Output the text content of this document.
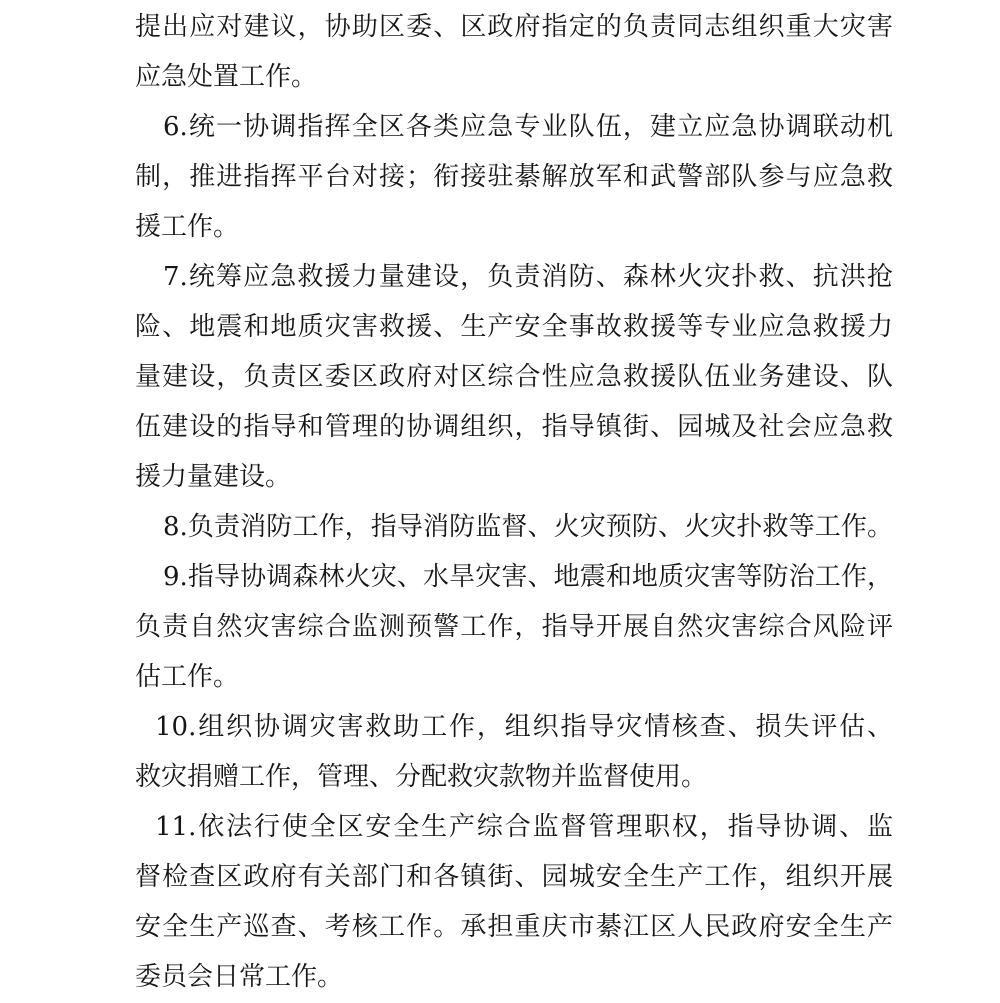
提出应对建议，协助区委、区政府指定的负责同志组织重大灾害
应急处置工作。
6.统一协调指挥全区各类应急专业队伍，建立应急协调联动机
制，推进指挥平台对接；衔接驻綦解放军和武警部队参与应急救
援工作。
7.统筹应急救援力量建设，负责消防、森林火灾扑救、抗洪抢
险、地震和地质灾害救援、生产安全事故救援等专业应急救援力
量建设，负责区委区政府对区综合性应急救援队伍业务建设、队
伍建设的指导和管理的协调组织，指导镇街、园城及社会应急救
援力量建设。
8.负责消防工作，指导消防监督、火灾预防、火灾扑救等工作。
9.指导协调森林火灾、水旱灾害、地震和地质灾害等防治工作，
负责自然灾害综合监测预警工作，指导开展自然灾害综合风险评
估工作。
10.组织协调灾害救助工作，组织指导灾情核查、损失评估、
救灾捐赠工作，管理、分配救灾款物并监督使用。
11.依法行使全区安全生产综合监督管理职权，指导协调、监
督检查区政府有关部门和各镇街、园城安全生产工作，组织开展
安全生产巡查、考核工作。承担重庆市綦江区人民政府安全生产
委员会日常工作。
